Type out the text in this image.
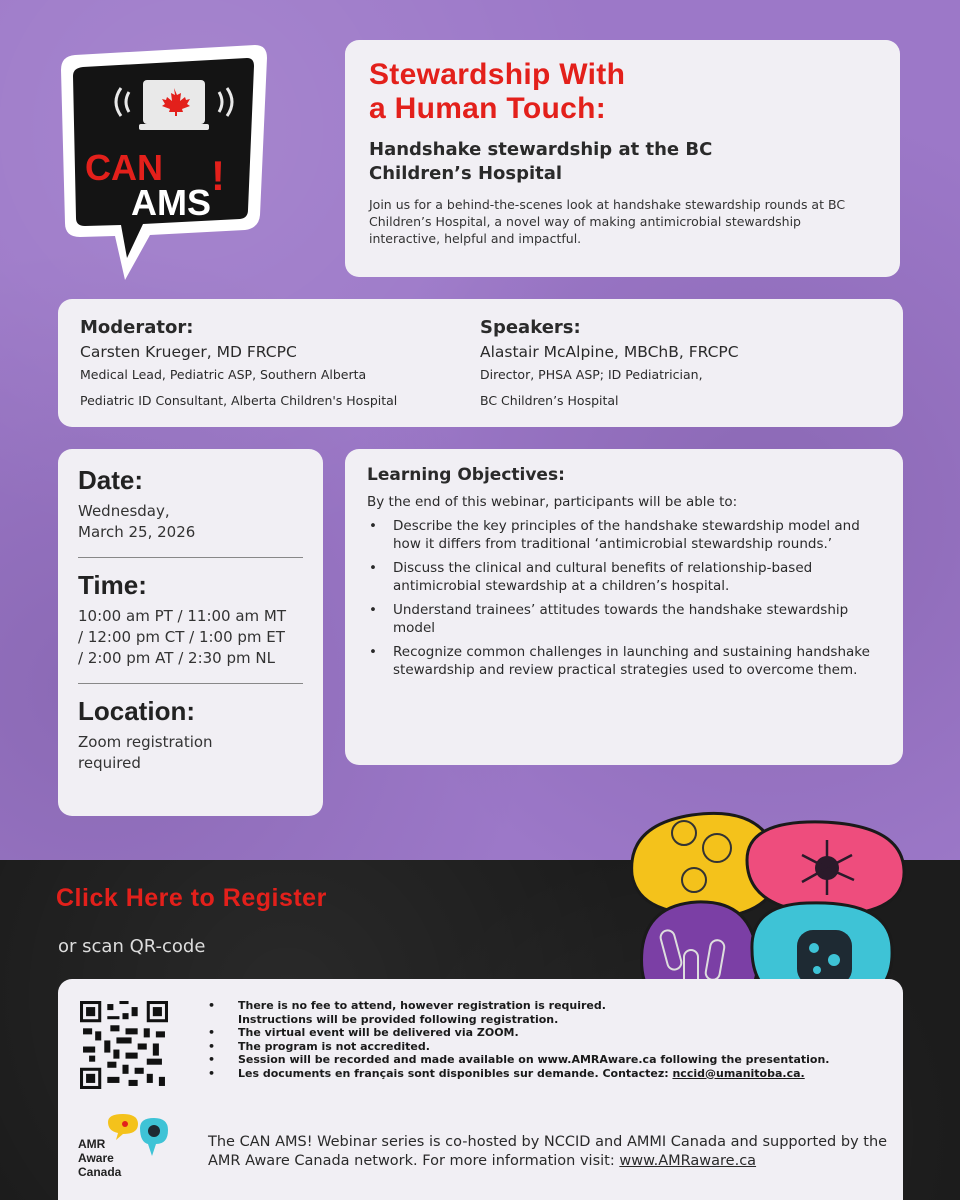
CAN
AMS
!
Stewardship With
a Human Touch:
Handshake stewardship at the BC
Children’s Hospital
Join us for a behind-the-scenes look at handshake stewardship rounds at BC Children’s Hospital, a novel way of making antimicrobial stewardship interactive, helpful and impactful.
Moderator:
Carsten Krueger, MD FRCPC
Medical Lead, Pediatric ASP, Southern Alberta
Pediatric ID Consultant, Alberta Children's Hospital
Speakers:
Alastair McAlpine, MBChB, FRCPC
Director, PHSA ASP; ID Pediatrician,
BC Children’s Hospital
Date:
Wednesday,
March 25, 2026
Time:
10:00 am PT / 11:00 am MT
/ 12:00 pm CT / 1:00 pm ET
/ 2:00 pm AT / 2:30 pm NL
Location:
Zoom registration
required
Learning Objectives:
By the end of this webinar, participants will be able to:
• Describe the key principles of the handshake stewardship model and how it differs from traditional ‘antimicrobial stewardship rounds.’
• Discuss the clinical and cultural benefits of relationship-based antimicrobial stewardship at a children’s hospital.
• Understand trainees’ attitudes towards the handshake stewardship model
• Recognize common challenges in launching and sustaining handshake stewardship and review practical strategies used to overcome them.
Click Here to Register
or scan QR-code
• There is no fee to attend, however registration is required.
Instructions will be provided following registration.
• The virtual event will be delivered via ZOOM.
• The program is not accredited.
• Session will be recorded and made available on www.AMRAware.ca following the presentation.
• Les documents en français sont disponibles sur demande. Contactez: nccid@umanitoba.ca.
AMR
Aware
Canada
The CAN AMS! Webinar series is co-hosted by NCCID and AMMI Canada and supported by the AMR Aware Canada network. For more information visit: www.AMRaware.ca
